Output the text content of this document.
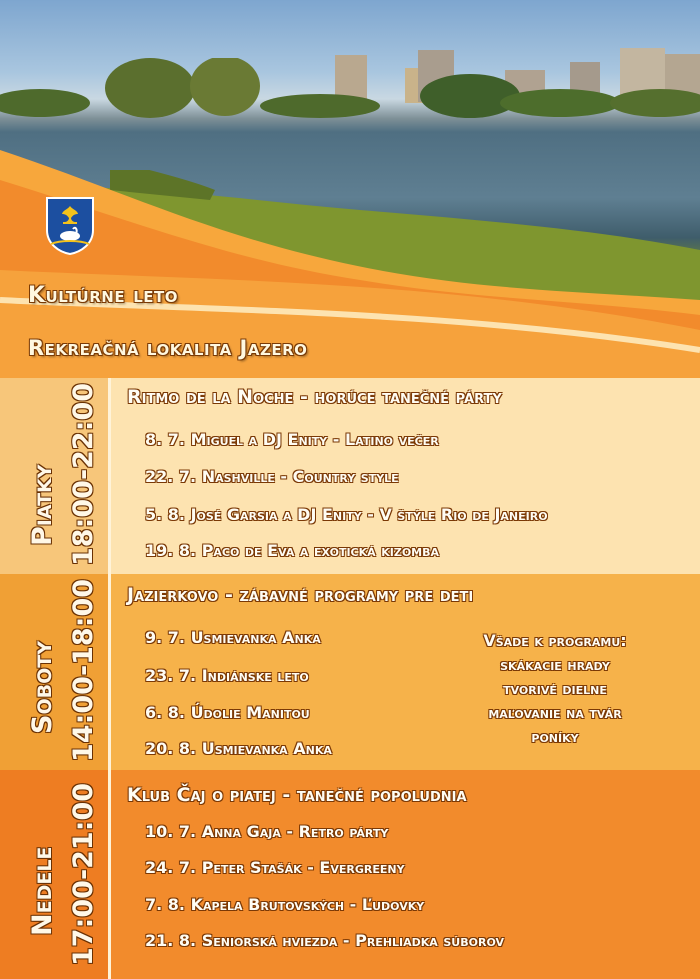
Kultúrne leto
Rekreačná lokalita Jazero
Piatky 18:00-22:00 Ritmo de la Noche - horúce tanečné párty
8. 7. Miguel a DJ Enity - Latino večer
22. 7. Nashville - Country style
5. 8. José Garsia a DJ Enity - V štýle Rio de Janeiro
19. 8. Paco de Eva a exotická kizomba
Soboty 14:00-18:00 Jazierkovo - zábavné programy pre deti
9. 7. Usmievanka Anka
23. 7. Indiánske leto
6. 8. Údolie Manitou
20. 8. Usmievanka Anka
Všade k programu:
skákacie hrady
tvorivé dielne
maľovanie na tvár
poníky
Nedele 17:00-21:00 Klub Čaj o piatej - tanečné popoludnia
10. 7. Anna Gaja - Retro párty
24. 7. Peter Stašák - Evergreeny
7. 8. Kapela Brutovských - Ľudovky
21. 8. Seniorská hviezda - Prehliadka súborov
